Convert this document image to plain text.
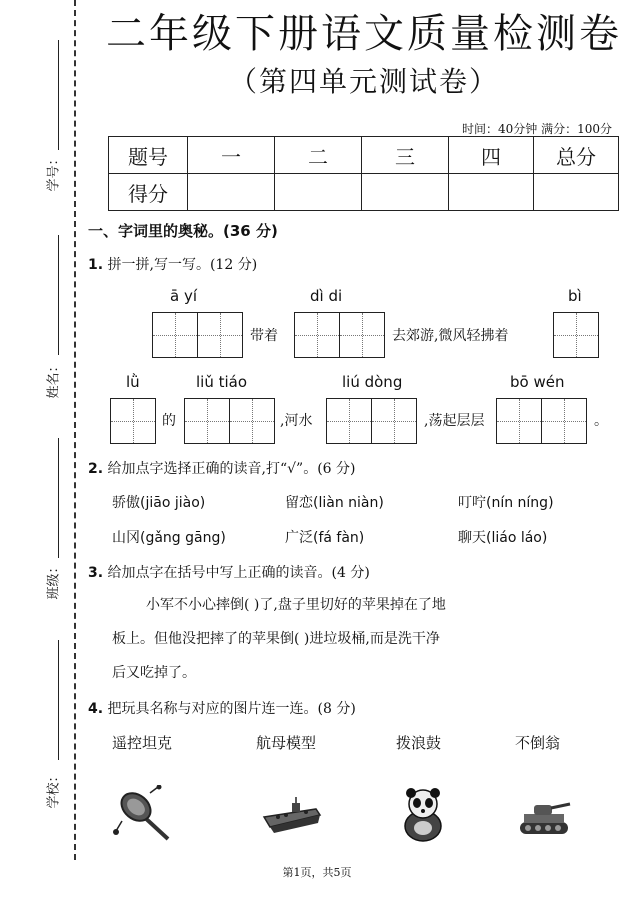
学号：
姓名：
班级：
学校：
二年级下册语文质量检测卷
（第四单元测试卷）
时间：40分钟 满分：100分
题号	一	二	三	四	总分
得分					
一、字词里的奥秘。(36 分)
1. 拼一拼,写一写。(12 分)
ā yí	dì di	bì
带着	去郊游,微风轻拂着
lǜ	liǔ tiáo	liú dòng	bō wén
的	,河水	,荡起层层	。
2. 给加点字选择正确的读音,打“√”。(6 分)
骄傲(jiāo jiào)	留恋(liàn niàn)	叮咛(nín níng)
山冈(gǎng gāng)	广泛(fá fàn)	聊天(liáo láo)
3. 给加点字在括号中写上正确的读音。(4 分)
小军不小心摔倒( )了,盘子里切好的苹果掉在了地
板上。但他没把摔了的苹果倒( )进垃圾桶,而是洗干净
后又吃掉了。
4. 把玩具名称与对应的图片连一连。(8 分)
遥控坦克	航母模型	拨浪鼓	不倒翁
第1页，共5页
